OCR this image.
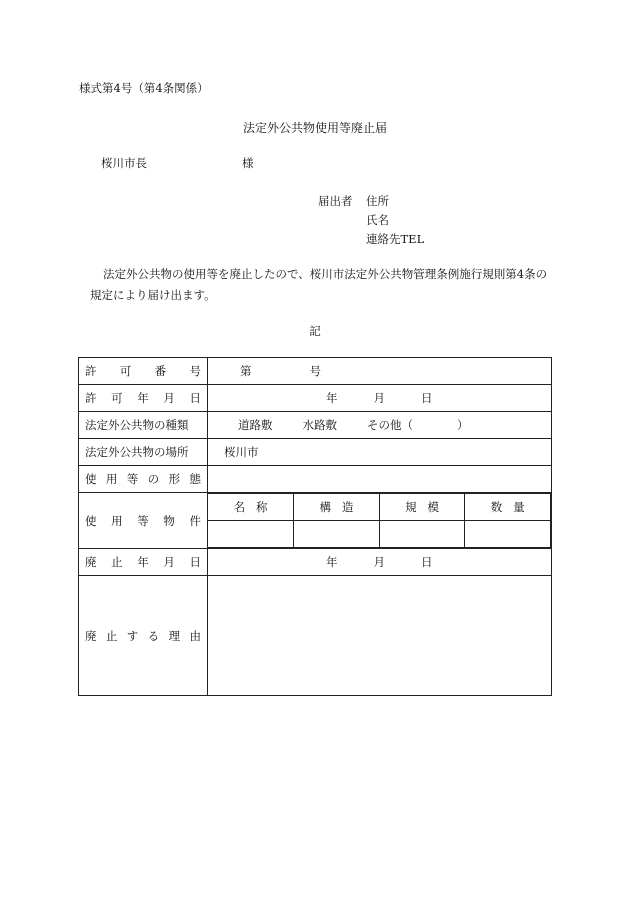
様式第4号（第4条関係）
法定外公共物使用等廃止届
桜川市長	様
届出者 住所
氏名
連絡先TEL
法定外公共物の使用等を廃止したので、桜川市法定外公共物管理条例施行規則第4条の
規定により届け出ます。
記
許 可 番 号	第	号

許 可 年 月 日	年	月	日

法定外公共物の種類	道路敷	水路敷	その他（	）

法定外公共物の場所	桜川市

使 用 等 の 形 態

使 用 等 物 件

名 称	構 造	規 模	数 量

廃 止 年 月 日	年	月	日

廃 止 す る 理 由
